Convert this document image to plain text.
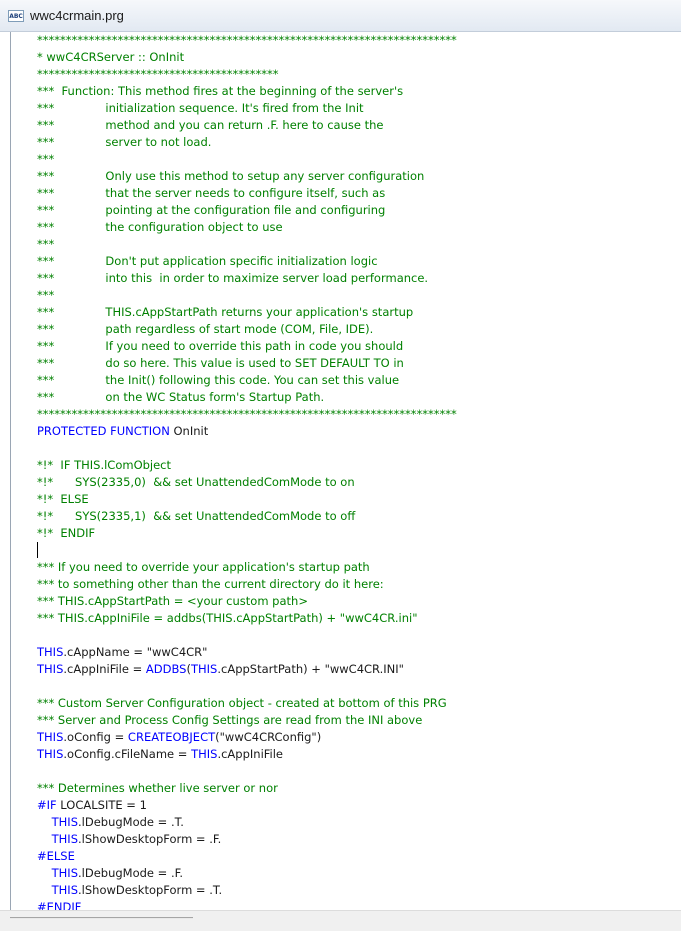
ABC wwc4crmain.prg
*************************************************************************
* wwC4CRServer :: OnInit
******************************************
***  Function: This method fires at the beginning of the server's
***              initialization sequence. It's fired from the Init
***              method and you can return .F. here to cause the
***              server to not load.
***
***              Only use this method to setup any server configuration
***              that the server needs to configure itself, such as
***              pointing at the configuration file and configuring
***              the configuration object to use
***
***              Don't put application specific initialization logic
***              into this  in order to maximize server load performance.
***
***              THIS.cAppStartPath returns your application's startup
***              path regardless of start mode (COM, File, IDE).
***              If you need to override this path in code you should
***              do so here. This value is used to SET DEFAULT TO in
***              the Init() following this code. You can set this value
***              on the WC Status form's Startup Path.
*************************************************************************
PROTECTED FUNCTION OnInit
*!*  IF THIS.lComObject
*!*      SYS(2335,0)  && set UnattendedComMode to on
*!*  ELSE
*!*      SYS(2335,1)  && set UnattendedComMode to off
*!*  ENDIF
*** If you need to override your application's startup path
*** to something other than the current directory do it here:
*** THIS.cAppStartPath = <your custom path>
*** THIS.cAppIniFile = addbs(THIS.cAppStartPath) + "wwC4CR.ini"
THIS.cAppName = "wwC4CR"
THIS.cAppIniFile = ADDBS(THIS.cAppStartPath) + "wwC4CR.INI"
*** Custom Server Configuration object - created at bottom of this PRG
*** Server and Process Config Settings are read from the INI above
THIS.oConfig = CREATEOBJECT("wwC4CRConfig")
THIS.oConfig.cFileName = THIS.cAppIniFile
*** Determines whether live server or nor
#IF LOCALSITE = 1
THIS.lDebugMode = .T.
THIS.lShowDesktopForm = .F.
#ELSE
THIS.lDebugMode = .F.
THIS.lShowDesktopForm = .T.
#ENDIF
